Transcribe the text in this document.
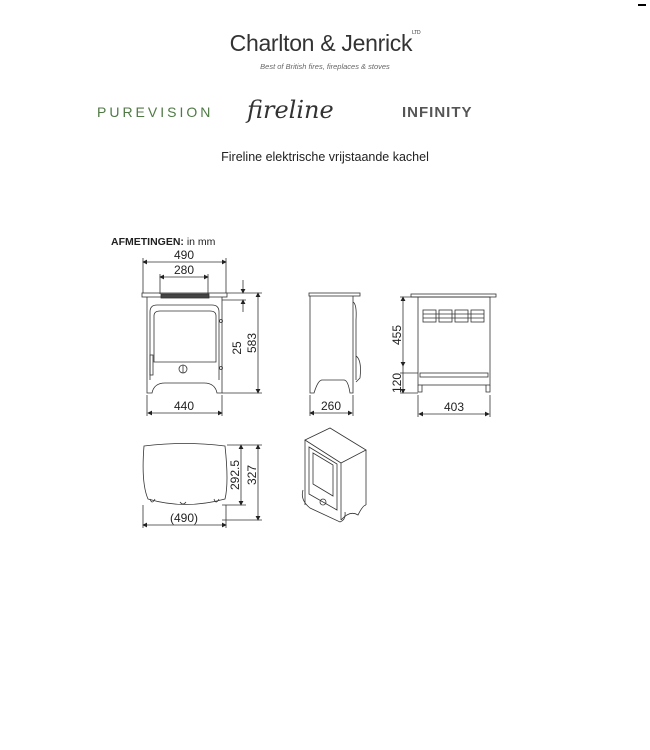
Charlton & Jenrick$^{LTD}$
Best of British fires, fireplaces & stoves
PUREVISION fireline	INFINITY
Fireline elektrische vrijstaande kachel
AFMETINGEN: in mm
490
280
25 583
440	260
455
120
403
292.5 327
(490)
